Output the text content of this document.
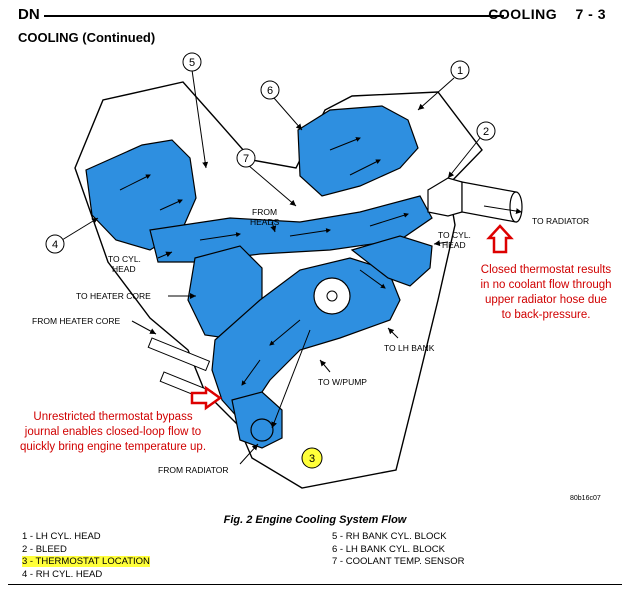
DN	COOLING 7 - 3
COOLING (Continued)
1
2
3
4
5
6
7
TO RADIATOR
FROM
HEADS
TO CYL.
HEAD
TO CYL.
HEAD
TO HEATER CORE
FROM HEATER CORE
TO LH BANK
TO W/PUMP
FROM RADIATOR
80b16c07
Closed thermostat results
in no coolant flow through
upper radiator hose due
to back-pressure.
Unrestricted thermostat bypass
journal enables closed-loop flow to
quickly bring engine temperature up.
Fig. 2 Engine Cooling System Flow
1 - LH CYL. HEAD
2 - BLEED
3 - THERMOSTAT LOCATION
4 - RH CYL. HEAD
5 - RH BANK CYL. BLOCK
6 - LH BANK CYL. BLOCK
7 - COOLANT TEMP. SENSOR
